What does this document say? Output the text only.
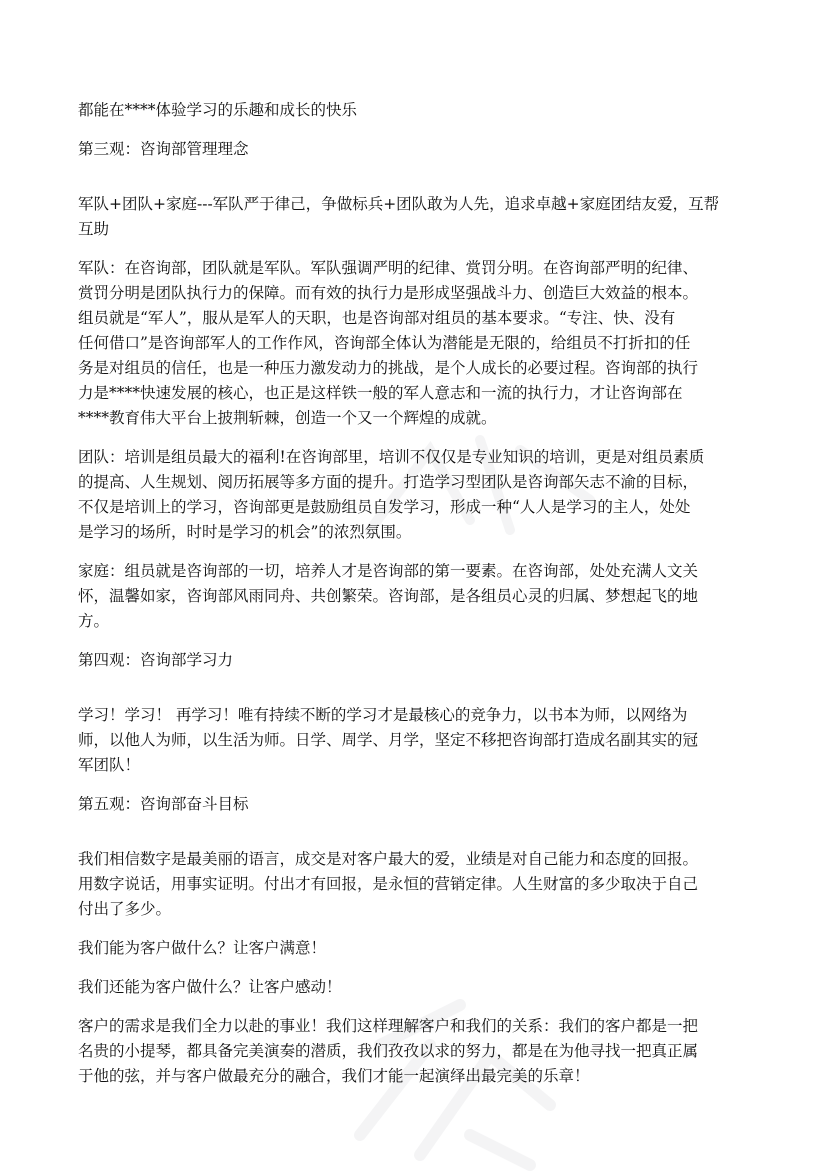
都能在****体验学习的乐趣和成长的快乐

第三观：咨询部管理理念

军队+团队+家庭---军队严于律己，争做标兵+团队敢为人先，追求卓越+家庭团结友爱，互帮
互助
军队：在咨询部，团队就是军队。军队强调严明的纪律、赏罚分明。在咨询部严明的纪律、
赏罚分明是团队执行力的保障。而有效的执行力是形成坚强战斗力、创造巨大效益的根本。
组员就是“军人”，服从是军人的天职，也是咨询部对组员的基本要求。“专注、快、没有
任何借口”是咨询部军人的工作作风，咨询部全体认为潜能是无限的，给组员不打折扣的任
务是对组员的信任，也是一种压力激发动力的挑战，是个人成长的必要过程。咨询部的执行
力是****快速发展的核心，也正是这样铁一般的军人意志和一流的执行力，才让咨询部在
****教育伟大平台上披荆斩棘，创造一个又一个辉煌的成就。
团队：培训是组员最大的福利!在咨询部里，培训不仅仅是专业知识的培训，更是对组员素质
的提高、人生规划、阅历拓展等多方面的提升。打造学习型团队是咨询部矢志不渝的目标，
不仅是培训上的学习，咨询部更是鼓励组员自发学习，形成一种“人人是学习的主人，处处
是学习的场所，时时是学习的机会”的浓烈氛围。
家庭：组员就是咨询部的一切，培养人才是咨询部的第一要素。在咨询部，处处充满人文关
怀，温馨如家，咨询部风雨同舟、共创繁荣。咨询部，是各组员心灵的归属、梦想起飞的地
方。

第四观：咨询部学习力

学习！学习！ 再学习！唯有持续不断的学习才是最核心的竞争力，以书本为师，以网络为
师，以他人为师，以生活为师。日学、周学、月学，坚定不移把咨询部打造成名副其实的冠
军团队！

第五观：咨询部奋斗目标

我们相信数字是最美丽的语言，成交是对客户最大的爱，业绩是对自己能力和态度的回报。
用数字说话，用事实证明。付出才有回报，是永恒的营销定律。人生财富的多少取决于自己
付出了多少。

我们能为客户做什么？让客户满意！

我们还能为客户做什么？让客户感动！

客户的需求是我们全力以赴的事业！我们这样理解客户和我们的关系：我们的客户都是一把
名贵的小提琴，都具备完美演奏的潜质，我们孜孜以求的努力，都是在为他寻找一把真正属
于他的弦，并与客户做最充分的融合，我们才能一起演绎出最完美的乐章！
